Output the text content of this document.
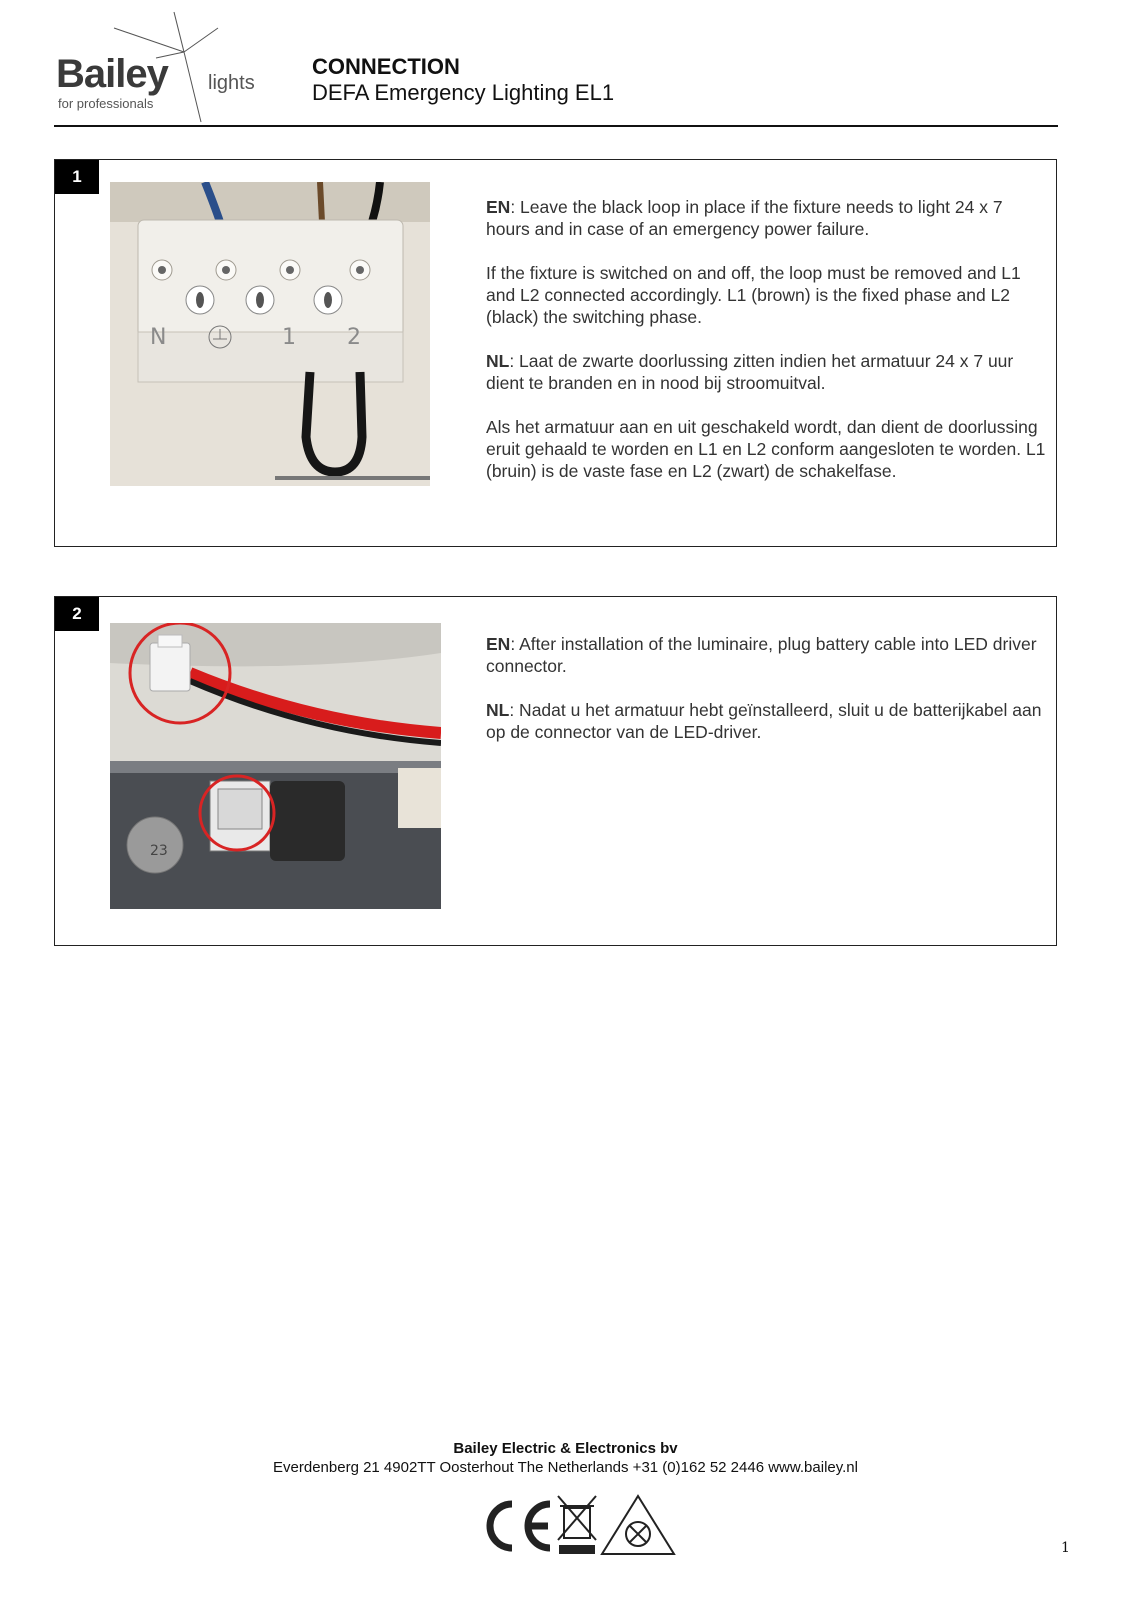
Bailey
for professionals
lights
CONNECTION
DEFA Emergency Lighting EL1
1
N	1 2

EN: Leave the black loop in place if the fixture needs to light 24 x 7 hours and in case of an emergency power failure.

If the fixture is switched on and off, the loop must be removed and L1 and L2 connected accordingly. L1 (brown) is the fixed phase and L2 (black) the switching phase.

NL: Laat de zwarte doorlussing zitten indien het armatuur 24 x 7 uur dient te branden en in nood bij stroomuitval.

Als het armatuur aan en uit geschakeld wordt, dan dient de doorlussing eruit gehaald te worden en L1 en L2 conform aangesloten te worden. L1 (bruin) is de vaste fase en L2 (zwart) de schakelfase.

2
23

EN: After installation of the luminaire, plug battery cable into LED driver connector.

NL: Nadat u het armatuur hebt geïnstalleerd, sluit u de batterijkabel aan op de connector van de LED-driver.

Bailey Electric & Electronics bv
Everdenberg 21 4902TT Oosterhout The Netherlands +31 (0)162 52 2446 www.bailey.nl
1
